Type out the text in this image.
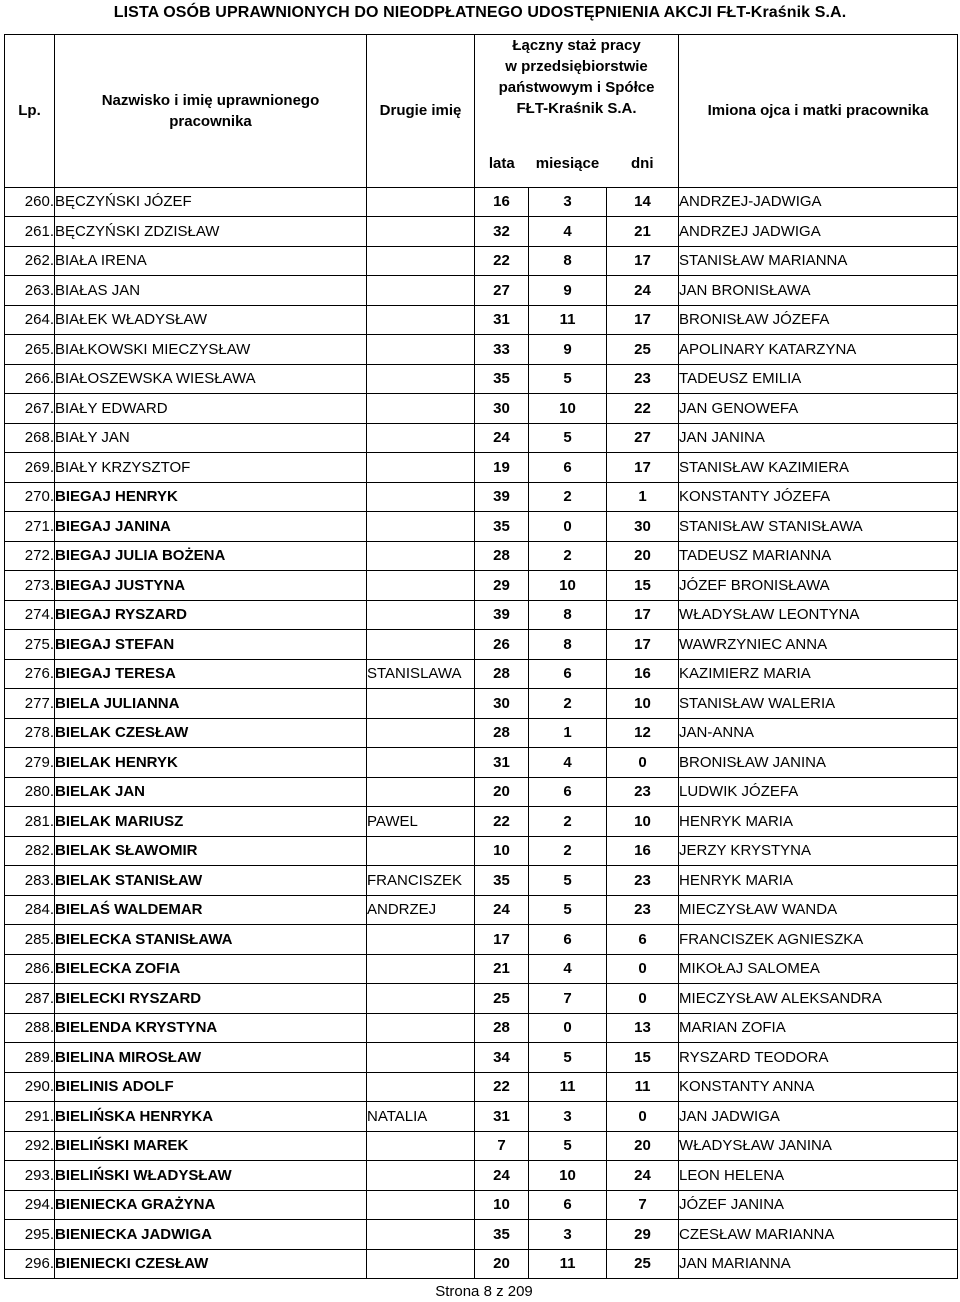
LISTA OSÓB UPRAWNIONYCH DO NIEODPŁATNEGO UDOSTĘPNIENIA AKCJI FŁT-Kraśnik S.A.
Lp.	Nazwisko i imię uprawnionego pracownika	Drugie imię	Łączny staż pracy
w przedsiębiorstwie
państwowym i Spółce
FŁT-Kraśnik S.A.			Imiona ojca i matki pracownika
			lata	miesiące	dni	
260.	BĘCZYŃSKI JÓZEF		16	3	14	ANDRZEJ-JADWIGA
261.	BĘCZYŃSKI ZDZISŁAW		32	4	21	ANDRZEJ JADWIGA
262.	BIAŁA IRENA		22	8	17	STANISŁAW MARIANNA
263.	BIAŁAS JAN		27	9	24	JAN BRONISŁAWA
264.	BIAŁEK WŁADYSŁAW		31	11	17	BRONISŁAW JÓZEFA
265.	BIAŁKOWSKI MIECZYSŁAW		33	9	25	APOLINARY KATARZYNA
266.	BIAŁOSZEWSKA WIESŁAWA		35	5	23	TADEUSZ EMILIA
267.	BIAŁY EDWARD		30	10	22	JAN GENOWEFA
268.	BIAŁY JAN		24	5	27	JAN JANINA
269.	BIAŁY KRZYSZTOF		19	6	17	STANISŁAW KAZIMIERA
270.	BIEGAJ HENRYK		39	2	1	KONSTANTY JÓZEFA
271.	BIEGAJ JANINA		35	0	30	STANISŁAW STANISŁAWA
272.	BIEGAJ JULIA BOŻENA		28	2	20	TADEUSZ MARIANNA
273.	BIEGAJ JUSTYNA		29	10	15	JÓZEF BRONISŁAWA
274.	BIEGAJ RYSZARD		39	8	17	WŁADYSŁAW LEONTYNA
275.	BIEGAJ STEFAN		26	8	17	WAWRZYNIEC ANNA
276.	BIEGAJ TERESA	STANISLAWA	28	6	16	KAZIMIERZ MARIA
277.	BIELA JULIANNA		30	2	10	STANISŁAW WALERIA
278.	BIELAK CZESŁAW		28	1	12	JAN-ANNA
279.	BIELAK HENRYK		31	4	0	BRONISŁAW JANINA
280.	BIELAK JAN		20	6	23	LUDWIK JÓZEFA
281.	BIELAK MARIUSZ	PAWEL	22	2	10	HENRYK MARIA
282.	BIELAK SŁAWOMIR		10	2	16	JERZY KRYSTYNA
283.	BIELAK STANISŁAW	FRANCISZEK	35	5	23	HENRYK MARIA
284.	BIELAŚ WALDEMAR	ANDRZEJ	24	5	23	MIECZYSŁAW WANDA
285.	BIELECKA STANISŁAWA		17	6	6	FRANCISZEK AGNIESZKA
286.	BIELECKA ZOFIA		21	4	0	MIKOŁAJ SALOMEA
287.	BIELECKI RYSZARD		25	7	0	MIECZYSŁAW ALEKSANDRA
288.	BIELENDA KRYSTYNA		28	0	13	MARIAN ZOFIA
289.	BIELINA MIROSŁAW		34	5	15	RYSZARD TEODORA
290.	BIELINIS ADOLF		22	11	11	KONSTANTY ANNA
291.	BIELIŃSKA HENRYKA	NATALIA	31	3	0	JAN JADWIGA
292.	BIELIŃSKI MAREK		7	5	20	WŁADYSŁAW JANINA
293.	BIELIŃSKI WŁADYSŁAW		24	10	24	LEON HELENA
294.	BIENIECKA GRAŻYNA		10	6	7	JÓZEF JANINA
295.	BIENIECKA JADWIGA		35	3	29	CZESŁAW MARIANNA
296.	BIENIECKI CZESŁAW		20	11	25	JAN MARIANNA
Strona 8 z 209
